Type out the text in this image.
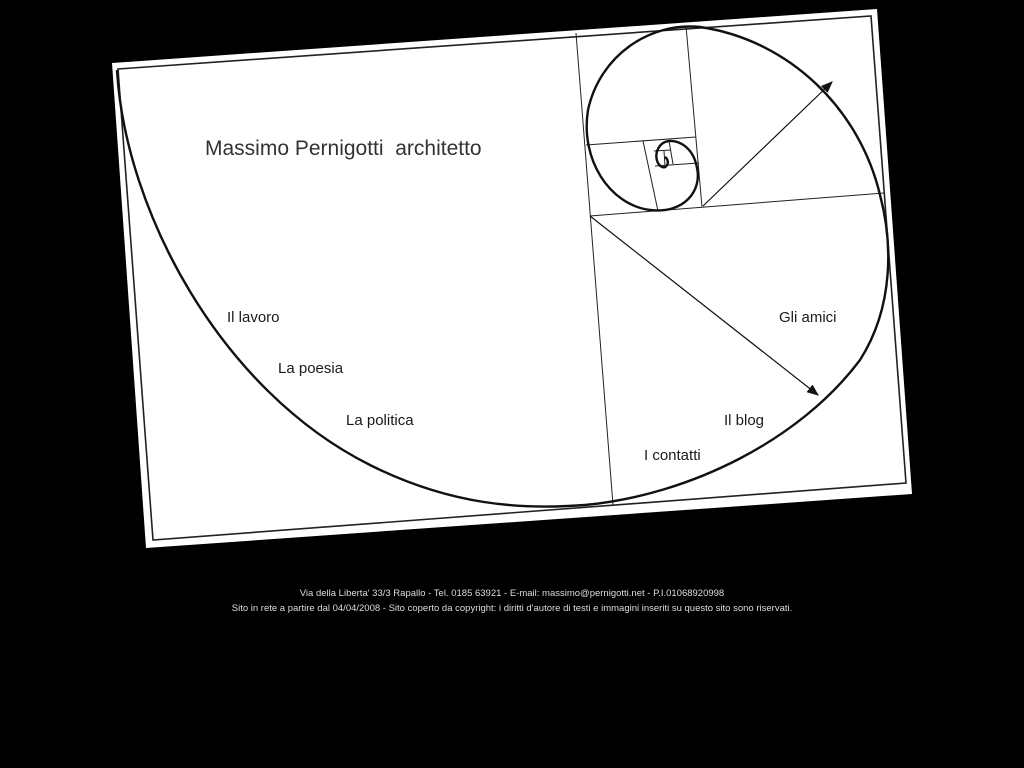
Massimo Pernigotti  architetto
Il lavoro
La poesia
La politica
Gli amici
Il blog
I contatti
Via della Liberta' 33/3 Rapallo - Tel. 0185 63921 - E-mail: massimo@pernigotti.net - P.I.01068920998
Sito in rete a partire dal 04/04/2008 - Sito coperto da copyright: i diritti d'autore di testi e immagini inseriti su questo sito sono riservati.
